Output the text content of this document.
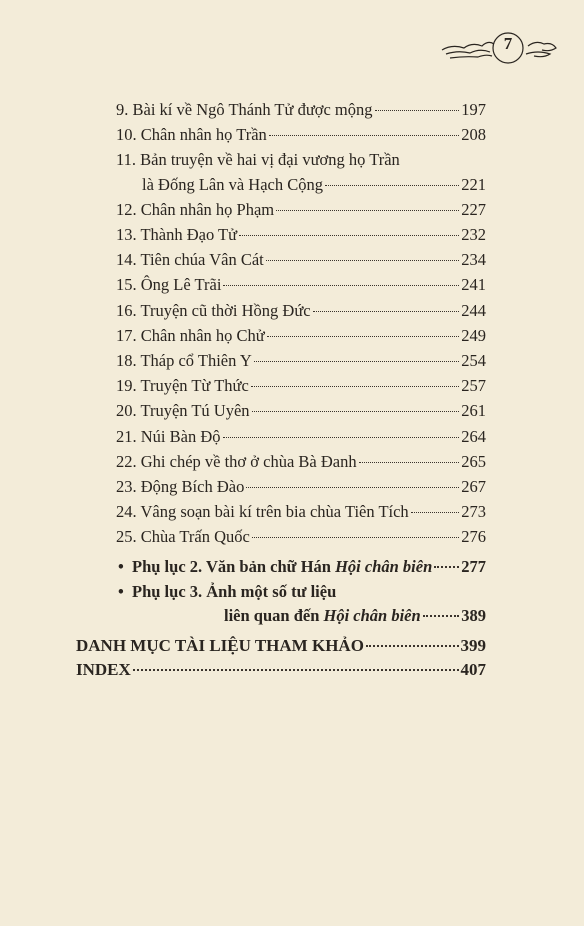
7
9. Bài kí về Ngô Thánh Tử được mộng	197
10. Chân nhân họ Trần	208
11. Bản truyện về hai vị đại vương họ Trần
là Đống Lân và Hạch Cộng	221
12. Chân nhân họ Phạm	227
13. Thành Đạo Tử	232
14. Tiên chúa Vân Cát	234
15. Ông Lê Trãi	241
16. Truyện cũ thời Hồng Đức	244
17. Chân nhân họ Chử	249
18. Tháp cổ Thiên Y	254
19. Truyện Từ Thức	257
20. Truyện Tú Uyên	261
21. Núi Bàn Độ	264
22. Ghi chép về thơ ở chùa Bà Đanh	265
23. Động Bích Đào	267
24. Vâng soạn bài kí trên bia chùa Tiên Tích	273
25. Chùa Trấn Quốc	276
• Phụ lục 2. Văn bản chữ Hán Hội chân biên 277
• Phụ lục 3. Ảnh một số tư liệu
liên quan đến Hội chân biên 389
DANH MỤC TÀI LIỆU THAM KHẢO	399
INDEX	407
